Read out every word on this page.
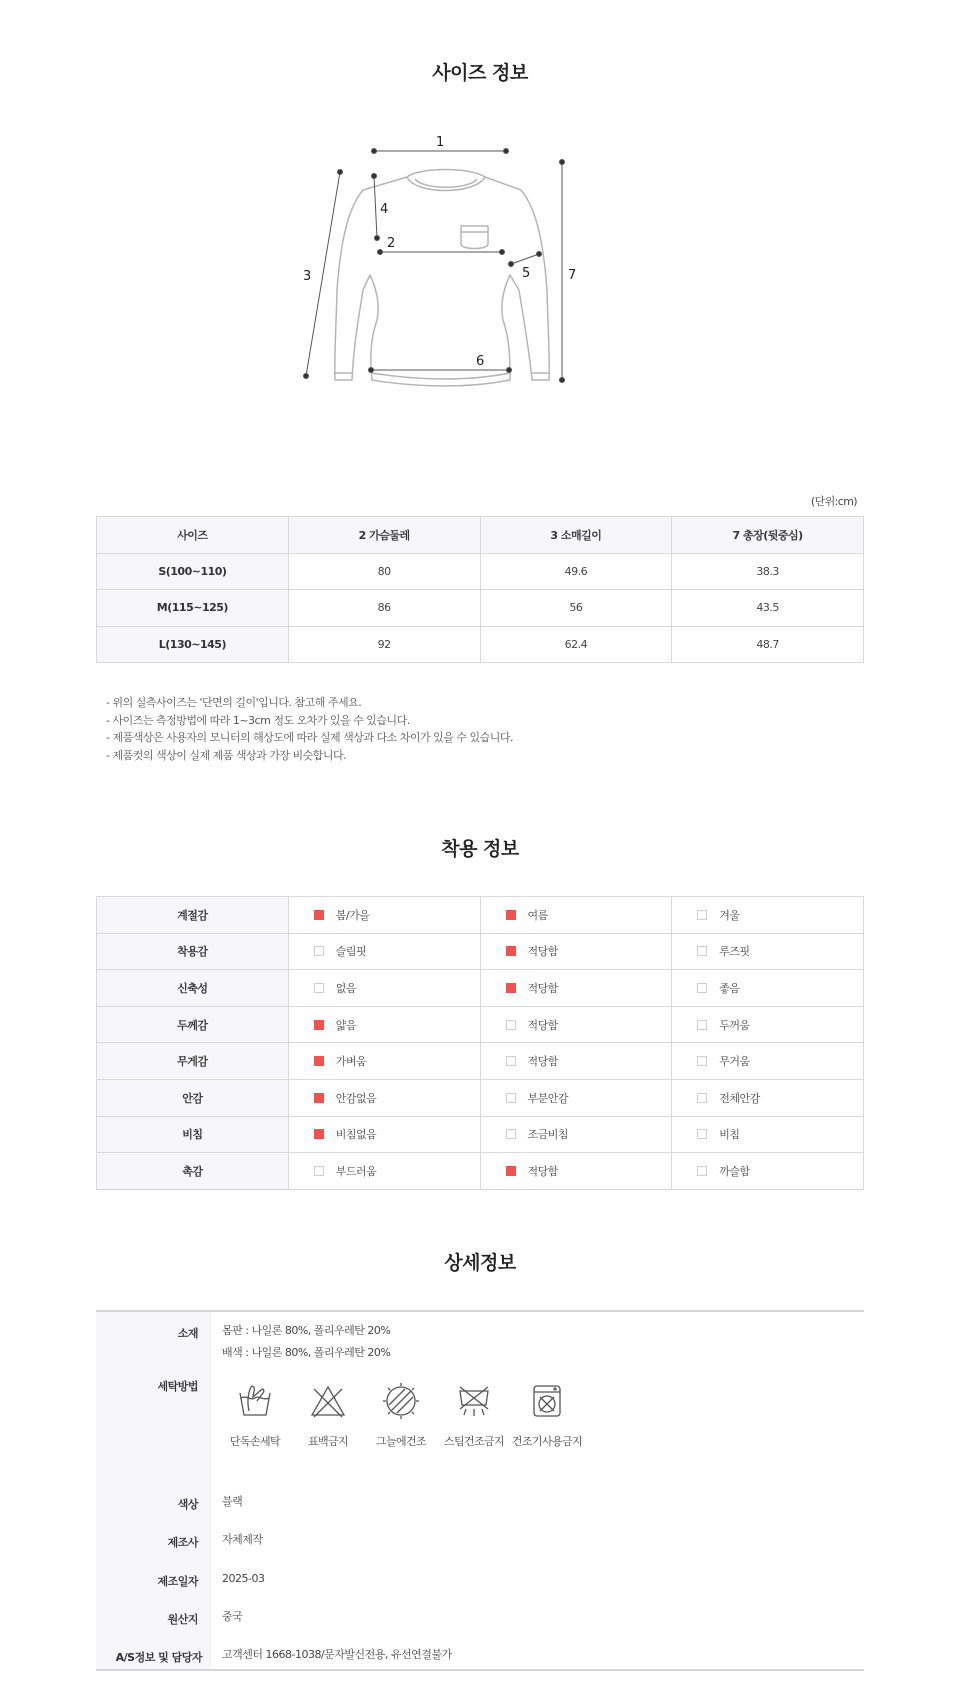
사이즈 정보
1
2
3
4
5
6
7
(단위:cm)
사이즈	2 가슴둘레	3 소매길이	7 총장(뒷중심)
S(100~110)	80	49.6	38.3
M(115~125)	86	56	43.5
L(130~145)	92	62.4	48.7
- 위의 실측사이즈는 '단면의 길이'입니다. 참고해 주세요.
- 사이즈는 측정방법에 따라 1~3cm 정도 오차가 있을 수 있습니다.
- 제품색상은 사용자의 모니터의 해상도에 따라 실제 색상과 다소 차이가 있을 수 있습니다.
- 제품컷의 색상이 실제 제품 색상과 가장 비슷합니다.
착용 정보
계절감	봄/가을	여름	겨울
착용감	슬림핏	적당함	루즈핏
신축성	없음	적당함	좋음
두께감	얇음	적당함	두꺼움
무게감	가벼움	적당함	무거움
안감	안감없음	부분안감	전체안감
비침	비침없음	조금비침	비침
촉감	부드러움	적당함	까슬함
상세정보
소재 몸판 : 나일론 80%, 폴리우레탄 20%
배색 : 나일론 80%, 폴리우레탄 20%
세탁방법
단독손세탁	표백금지	그늘에건조	스팀건조금지 건조기사용금지
색상 블랙
제조사 자체제작
제조일자 2025-03
원산지 중국
A/S정보 및 담당자 고객센터 1668-1038/문자발신전용, 유선연결불가
